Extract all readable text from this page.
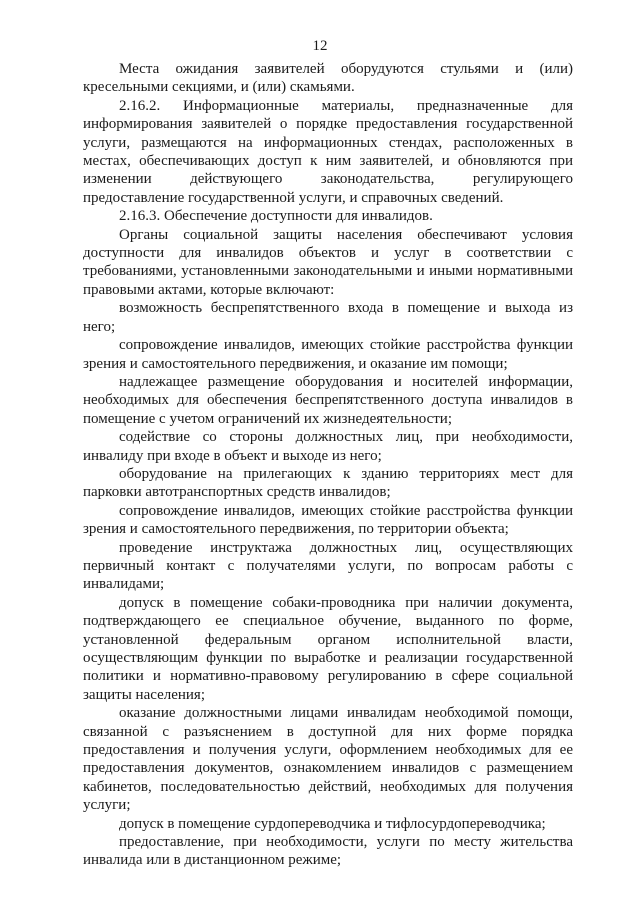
12

Места ожидания заявителей оборудуются стульями и (или) кресельными секциями, и (или) скамьями.

2.16.2. Информационные материалы, предназначенные для информирования заявителей о порядке предоставления государственной услуги, размещаются на информационных стендах, расположенных в местах, обеспечивающих доступ к ним заявителей, и обновляются при изменении действующего законодательства, регулирующего предоставление государственной услуги, и справочных сведений.

2.16.3. Обеспечение доступности для инвалидов.

Органы социальной защиты населения обеспечивают условия доступности для инвалидов объектов и услуг в соответствии с требованиями, установленными законодательными и иными нормативными правовыми актами, которые включают:

возможность беспрепятственного входа в помещение и выхода из него;

сопровождение инвалидов, имеющих стойкие расстройства функции зрения и самостоятельного передвижения, и оказание им помощи;

надлежащее размещение оборудования и носителей информации, необходимых для обеспечения беспрепятственного доступа инвалидов в помещение с учетом ограничений их жизнедеятельности;

содействие со стороны должностных лиц, при необходимости, инвалиду при входе в объект и выходе из него;

оборудование на прилегающих к зданию территориях мест для парковки автотранспортных средств инвалидов;

сопровождение инвалидов, имеющих стойкие расстройства функции зрения и самостоятельного передвижения, по территории объекта;

проведение инструктажа должностных лиц, осуществляющих первичный контакт с получателями услуги, по вопросам работы с инвалидами;

допуск в помещение собаки-проводника при наличии документа, подтверждающего ее специальное обучение, выданного по форме, установленной федеральным органом исполнительной власти, осуществляющим функции по выработке и реализации государственной политики и нормативно-правовому регулированию в сфере социальной защиты населения;

оказание должностными лицами инвалидам необходимой помощи, связанной с разъяснением в доступной для них форме порядка предоставления и получения услуги, оформлением необходимых для ее предоставления документов, ознакомлением инвалидов с размещением кабинетов, последовательностью действий, необходимых для получения услуги;

допуск в помещение сурдопереводчика и тифлосурдопереводчика;

предоставление, при необходимости, услуги по месту жительства инвалида или в дистанционном режиме;
